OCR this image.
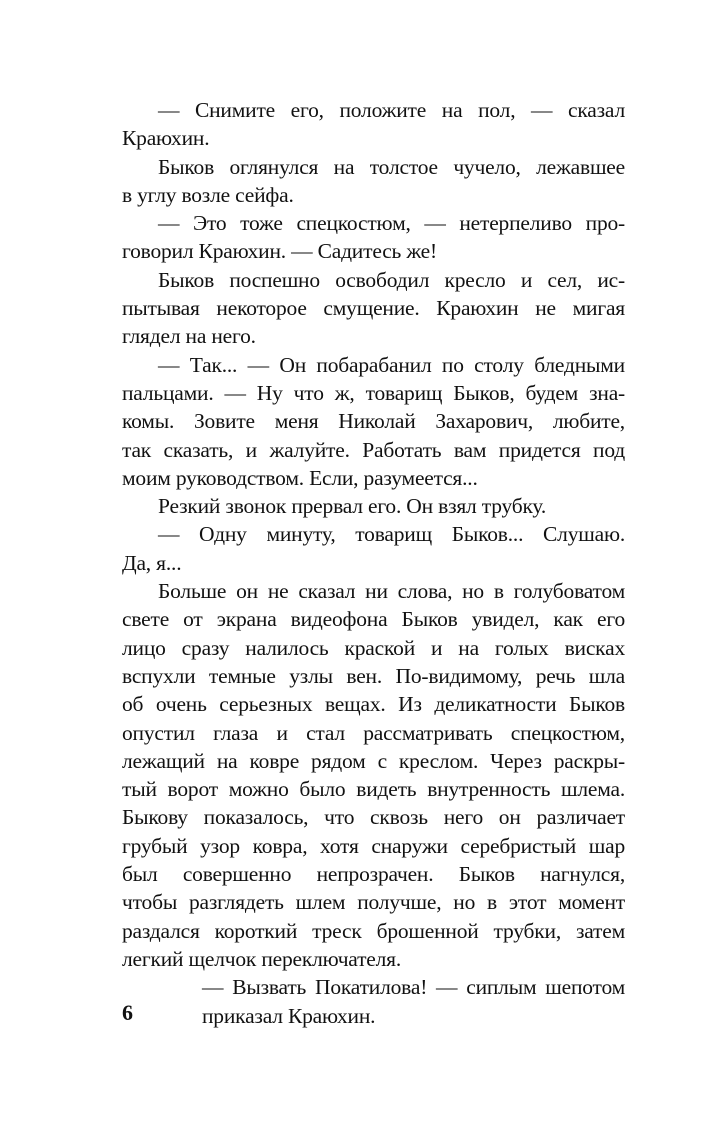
— Снимите его, положите на пол, — сказал
Краюхин.
Быков оглянулся на толстое чучело, лежавшее
в углу возле сейфа.
— Это тоже спецкостюм, — нетерпеливо про-
говорил Краюхин. — Садитесь же!
Быков поспешно освободил кресло и сел, ис-
пытывая некоторое смущение. Краюхин не мигая
глядел на него.
— Так... — Он побарабанил по столу бледными
пальцами. — Ну что ж, товарищ Быков, будем зна-
комы. Зовите меня Николай Захарович, любите,
так сказать, и жалуйте. Работать вам придется под
моим руководством. Если, разумеется...
Резкий звонок прервал его. Он взял трубку.
— Одну минуту, товарищ Быков... Слушаю.
Да, я...
Больше он не сказал ни слова, но в голубоватом
свете от экрана видеофона Быков увидел, как его
лицо сразу налилось краской и на голых висках
вспухли темные узлы вен. По-видимому, речь шла
об очень серьезных вещах. Из деликатности Быков
опустил глаза и стал рассматривать спецкостюм,
лежащий на ковре рядом с креслом. Через раскры-
тый ворот можно было видеть внутренность шлема.
Быкову показалось, что сквозь него он различает
грубый узор ковра, хотя снаружи серебристый шар
был совершенно непрозрачен. Быков нагнулся,
чтобы разглядеть шлем получше, но в этот момент
раздался короткий треск брошенной трубки, затем
легкий щелчок переключателя.
— Вызвать Покатилова! — сиплым шепотом
приказал Краюхин.
6
